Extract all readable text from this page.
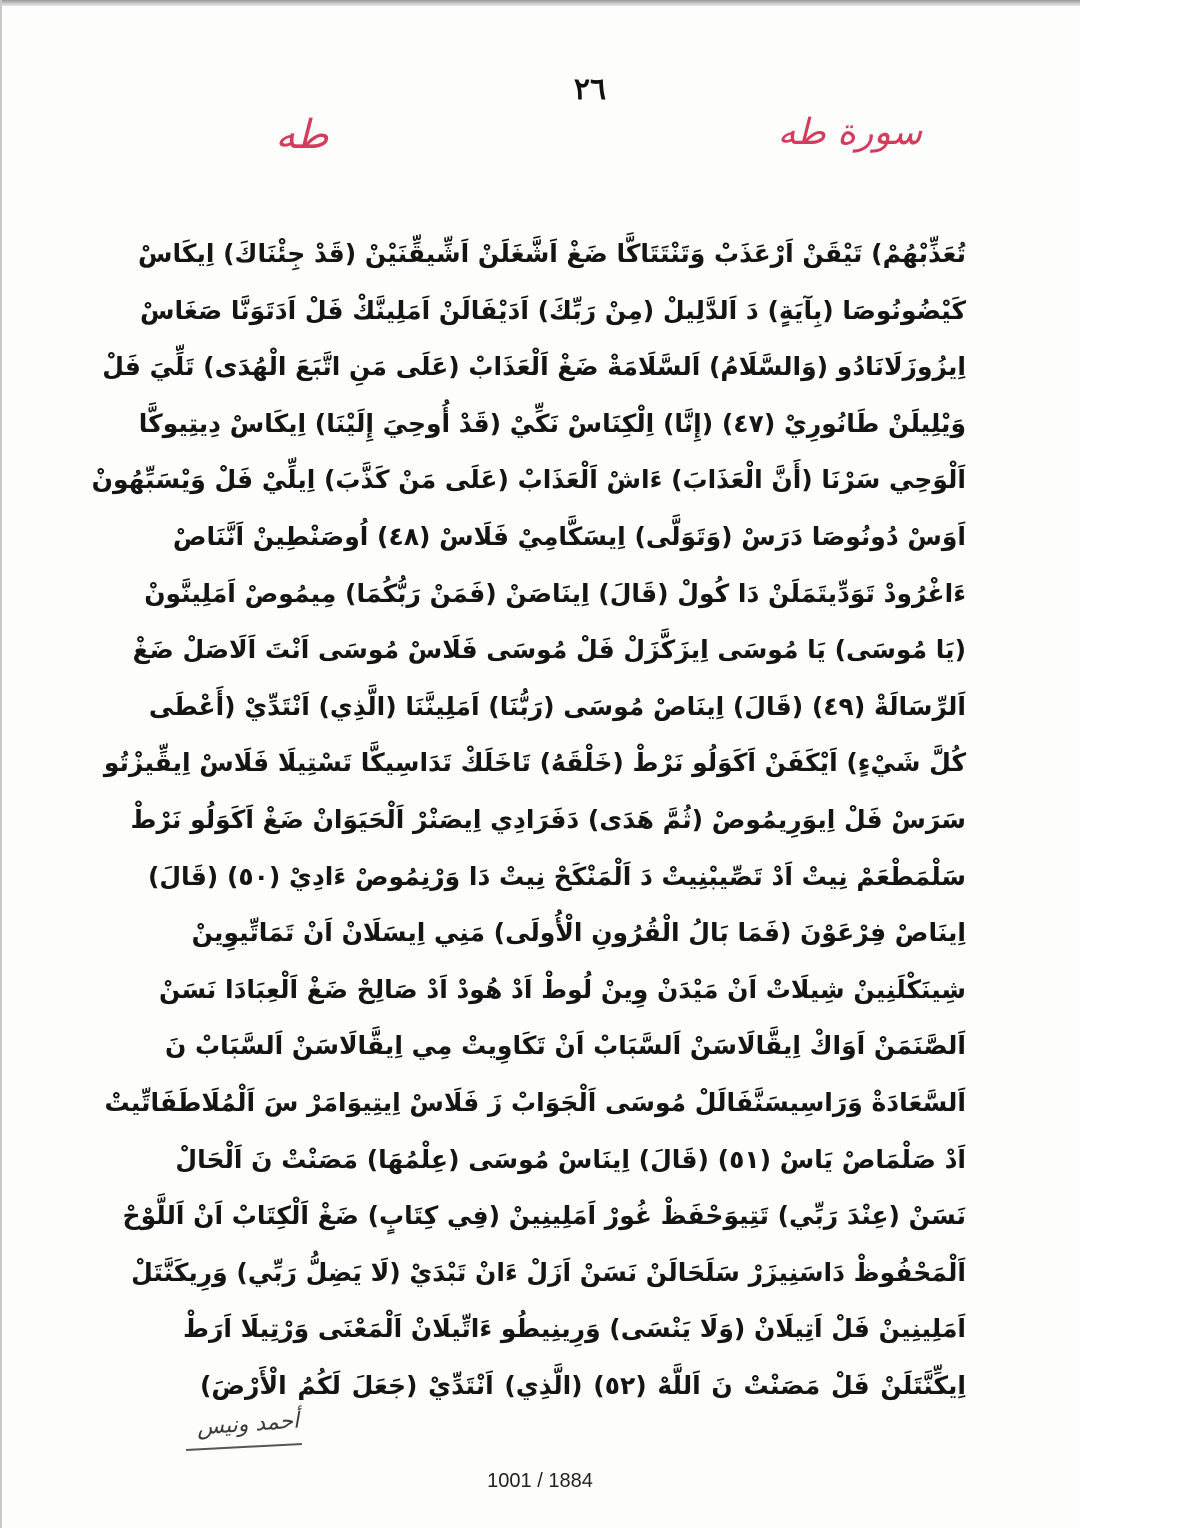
٢٦
سورة طه
طه
تُعَذِّبْهُمْ) تَيْقَنْ اَرْعَذَبْ وَتَنْتَتَاكَّا ضَغْ اَشَّغَلَنْ اَشِّيقِّنَيْنْ (قَدْ جِئْنَاكَ) اِيكَاسْ
كَيْضُونُوصَا (بِآيَةٍ) دَ اَلدَّلِيلْ (مِنْ رَبِّكَ) اَدَيْفَالَنْ اَمَلِينَّكْ فَلْ اَدَتَوَنَّا صَغَاسْ
اِيزُوزَلَانَادُو (وَالسَّلَامُ) اَلسَّلَامَةْ ضَغْ اَلْعَذَابْ (عَلَى مَنِ اتَّبَعَ الْهُدَى) تَلِّيَ فَلْ
وَيْلِيلَنْ طَانُورِيْ (٤٧) (إِنَّا) اِلْكِنَاسْ نَكِّيْ (قَدْ أُوحِيَ إِلَيْنَا) اِيكَاسْ دِيتِيوكَّا
اَلْوَحِي سَرْنَا (أَنَّ الْعَذَابَ) ءَاشْ اَلْعَذَابْ (عَلَى مَنْ كَذَّبَ) اِيلِّيْ فَلْ وَيْسَبِّهُونْ
اَوَسْ دُونُوصَا دَرَسْ (وَتَوَلَّى) اِيسَكَّامِيْ فَلَاسْ (٤٨) اُوصَنْطِينْ اَنَّنَاصْ
ءَاغْرُودْ تَوَدِّيتَمَلَنْ دَا كُولْ (قَالَ) اِينَاصَنْ (فَمَنْ رَبُّكُمَا) مِيمُوصْ اَمَلِينَّونْ
(يَا مُوسَى) يَا مُوسَى اِيزَكَّزَلْ فَلْ مُوسَى فَلَاسْ مُوسَى اَنْتَ اَلَاصَلْ ضَغْ
اَلرِّسَالَةْ (٤٩) (قَالَ) اِينَاصْ مُوسَى (رَبُّنَا) اَمَلِينَّنَا (الَّذِي) اَنْتَدِّيْ (أَعْطَى
كُلَّ شَيْءٍ) اَيْكَفَنْ اَكَوَلُو نَرْطْ (خَلْقَهُ) تَاخَلَكْ تَدَاسِيكَّا تَسْتِيلَا فَلَاسْ اِيقِّيزْتُو
سَرَسْ فَلْ اِيوَرِيمُوصْ (ثُمَّ هَدَى) دَفَرَادِي اِيصَنْرْ اَلْحَيَوَانْ ضَغْ اَكَوَلُو نَرْطْ
سَلْمَطْعَمْ نِيتْ اَدْ تَصِّيبْنِيتْ دَ اَلْمَنْكَحْ نِيتْ دَا وَرْنِمُوصْ ءَادِيْ (٥٠) (قَالَ)
اِينَاصْ فِرْعَوْنَ (فَمَا بَالُ الْقُرُونِ الْأُولَى) مَنِي اِيسَلَانْ اَنْ تَمَاتِّيوِينْ
شِينَكْلَنِينْ شِيلَاتْ اَنْ مَيْدَنْ وِينْ لُوطْ اَدْ هُودْ اَدْ صَالِحْ ضَغْ اَلْعِبَادَا نَسَنْ
اَلصَّنَمَنْ اَوَاكْ اِيقَّالَاسَنْ اَلسَّبَابْ اَنْ تَكَاوِيتْ مِي اِيقَّالَاسَنْ اَلسَّبَابْ نَ
اَلسَّعَادَةْ وَرَاسِيسَنَّفَالَلْ مُوسَى اَلْجَوَابْ زَ فَلَاسْ اِيتِيوَامَرْ سَ اَلْمُلَاطَفَاتِّيتْ
اَدْ صَلْمَاصْ يَاسْ (٥١) (قَالَ) اِينَاسْ مُوسَى (عِلْمُهَا) مَصَنْتْ نَ اَلْحَالْ
نَسَنْ (عِنْدَ رَبِّي) تَتِيوَحْفَظْ غُورْ اَمَلِينِينْ (فِي كِتَابٍ) ضَغْ اَلْكِتَابْ اَنْ اَللَّوْحْ
اَلْمَحْفُوظْ دَاسَنِيزَرْ سَلَحَالَنْ نَسَنْ اَزَلْ ءَانْ تَبْدَيْ (لَا يَضِلُّ رَبِّي) وَرِيكَنَّتَلْ
اَمَلِينِينْ فَلْ اَتِيلَانْ (وَلَا يَنْسَى) وَرِينِيطُو ءَاتِّيلَانْ اَلْمَعْنَى وَرْتِيلَا اَرَطْ
اِيكِّنَّتَلَنْ فَلْ مَصَنْتْ نَ اَللَّهْ (٥٢) (الَّذِي) اَنْتَدِّيْ (جَعَلَ لَكُمُ الْأَرْضَ)
أحمد ونيس
1001 / 1884
